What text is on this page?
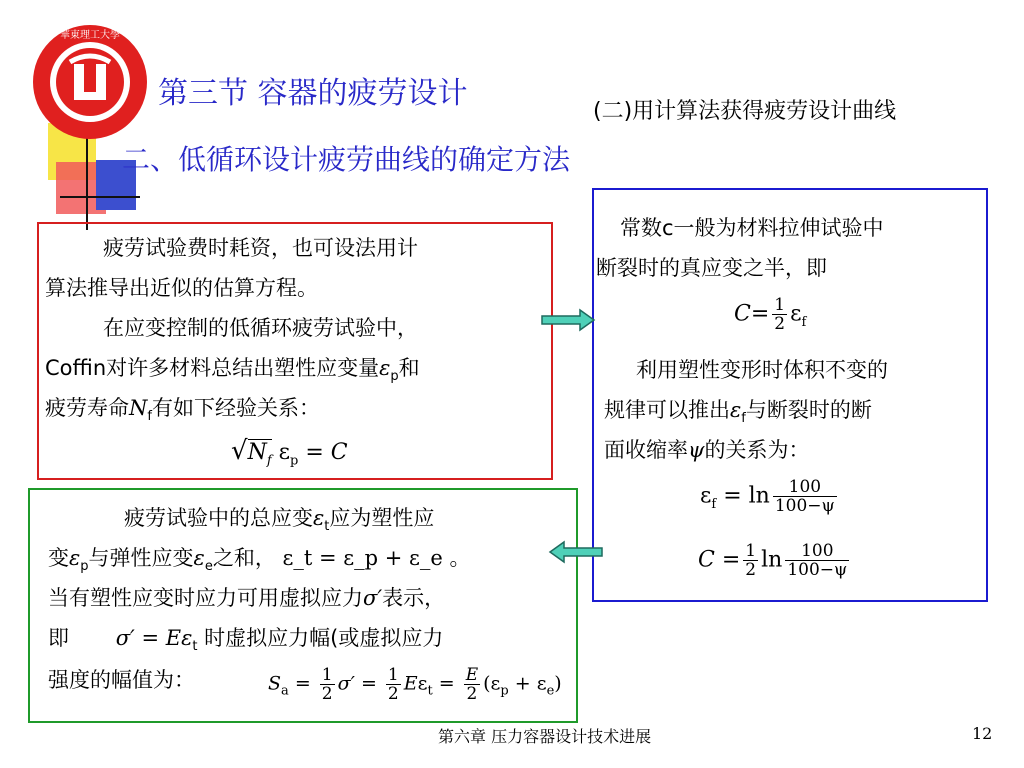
華東理工大學
第三节 容器的疲劳设计
(二)用计算法获得疲劳设计曲线
二、低循环设计疲劳曲线的确定方法
疲劳试验费时耗资，也可设法用计
算法推导出近似的估算方程。
在应变控制的低循环疲劳试验中，
Coffin对许多材料总结出塑性应变量$\varepsilon_p$和
疲劳寿命$N_f$有如下经验关系：
$√N_f$ $\varepsilon_p = C$
常数c一般为材料拉伸试验中
断裂时的真应变之半，即
$C= \frac{1}{2} \varepsilon_f$
利用塑性变形时体积不变的
规律可以推出$\varepsilon_f$与断裂时的断
面收缩率ψ的关系为：
$\varepsilon_f = \ln \frac{100}{100-\psi}$
$C = \frac{1}{2}$ $\ln \frac{100}{100-\psi}$
疲劳试验中的总应变$\varepsilon_t$应为塑性应
变$\varepsilon_p$与弹性应变$\varepsilon_e$之和， ε_t = ε_p + ε_e 。
当有塑性应变时应力可用虚拟应力σ′表示，
即 $\sigma' = E\varepsilon_t$ 时虚拟应力幅(或虚拟应力
强度的幅值为：	$S_a = \frac{1}{2} \sigma' = \frac{1}{2} E\varepsilon_t = \frac{E}{2} (\varepsilon_p + \varepsilon_e)$
第六章 压力容器设计技术进展	12
